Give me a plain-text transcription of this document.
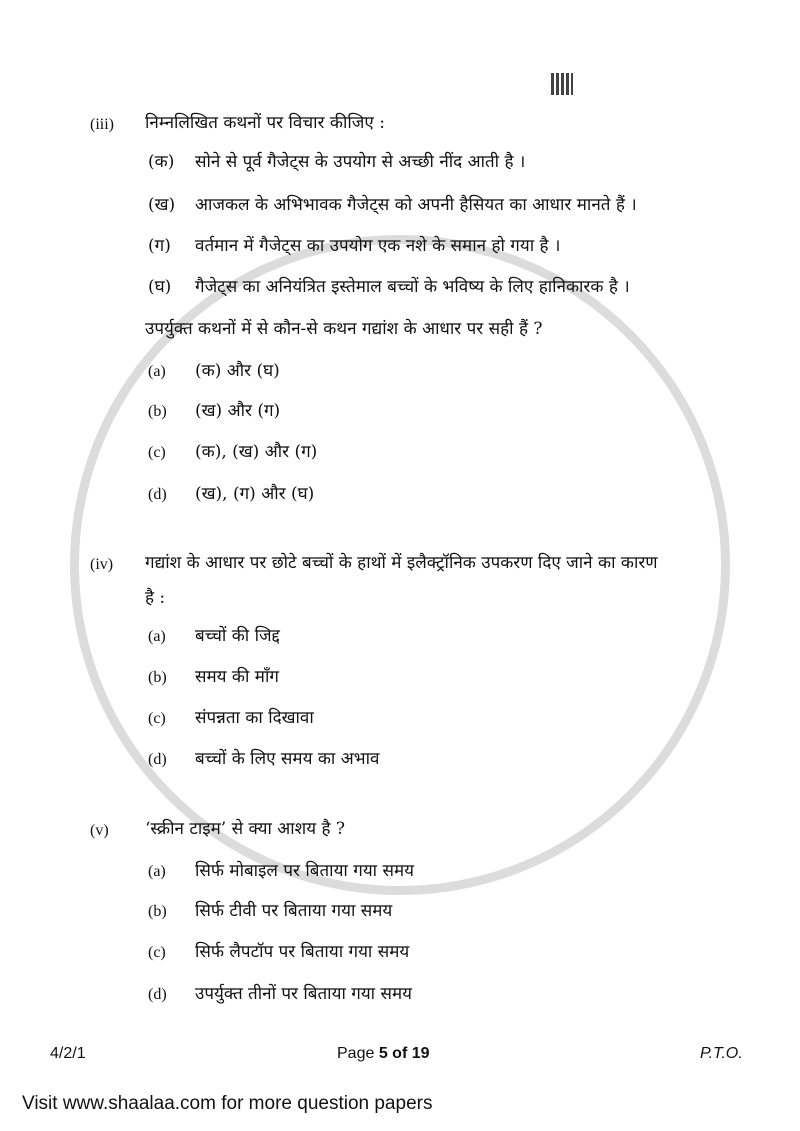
(iii) निम्नलिखित कथनों पर विचार कीजिए :
(क) सोने से पूर्व गैजेट्स के उपयोग से अच्छी नींद आती है ।
(ख) आजकल के अभिभावक गैजेट्स को अपनी हैसियत का आधार मानते हैं ।
(ग) वर्तमान में गैजेट्स का उपयोग एक नशे के समान हो गया है ।
(घ) गैजेट्स का अनियंत्रित इस्तेमाल बच्चों के भविष्य के लिए हानिकारक है ।
उपर्युक्त कथनों में से कौन-से कथन गद्यांश के आधार पर सही हैं ?
(a) (क) और (घ)
(b) (ख) और (ग)
(c) (क), (ख) और (ग)
(d) (ख), (ग) और (घ)
(iv) गद्यांश के आधार पर छोटे बच्चों के हाथों में इलैक्ट्रॉनिक उपकरण दिए जाने का कारण
है :
(a) बच्चों की जिद्द
(b) समय की माँग
(c) संपन्नता का दिखावा
(d) बच्चों के लिए समय का अभाव
(v) ‘स्क्रीन टाइम’ से क्या आशय है ?
(a) सिर्फ मोबाइल पर बिताया गया समय
(b) सिर्फ टीवी पर बिताया गया समय
(c) सिर्फ लैपटॉप पर बिताया गया समय
(d) उपर्युक्त तीनों पर बिताया गया समय
4/2/1	Page 5 of 19	P.T.O.
Visit www.shaalaa.com for more question papers
